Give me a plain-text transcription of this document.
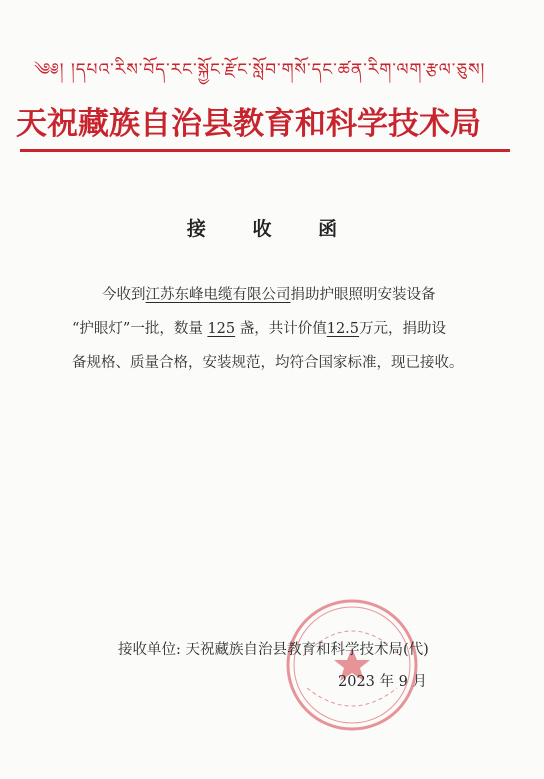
༄༅། །དཔའ་རིས་བོད་རང་སྐྱོང་རྫོང་སློབ་གསོ་དང་ཚན་རིག་ལག་རྩལ་ཅུས།
天祝藏族自治县教育和科学技术局
接 收 函

今收到江苏东峰电缆有限公司捐助护眼照明安装设备

“护眼灯”一批，数量 125 盏，共计价值12.5万元，捐助设

备规格、质量合格，安装规范，均符合国家标准，现已接收。

接收单位: 天祝藏族自治县教育和科学技术局(代)
2023 年 9 月
